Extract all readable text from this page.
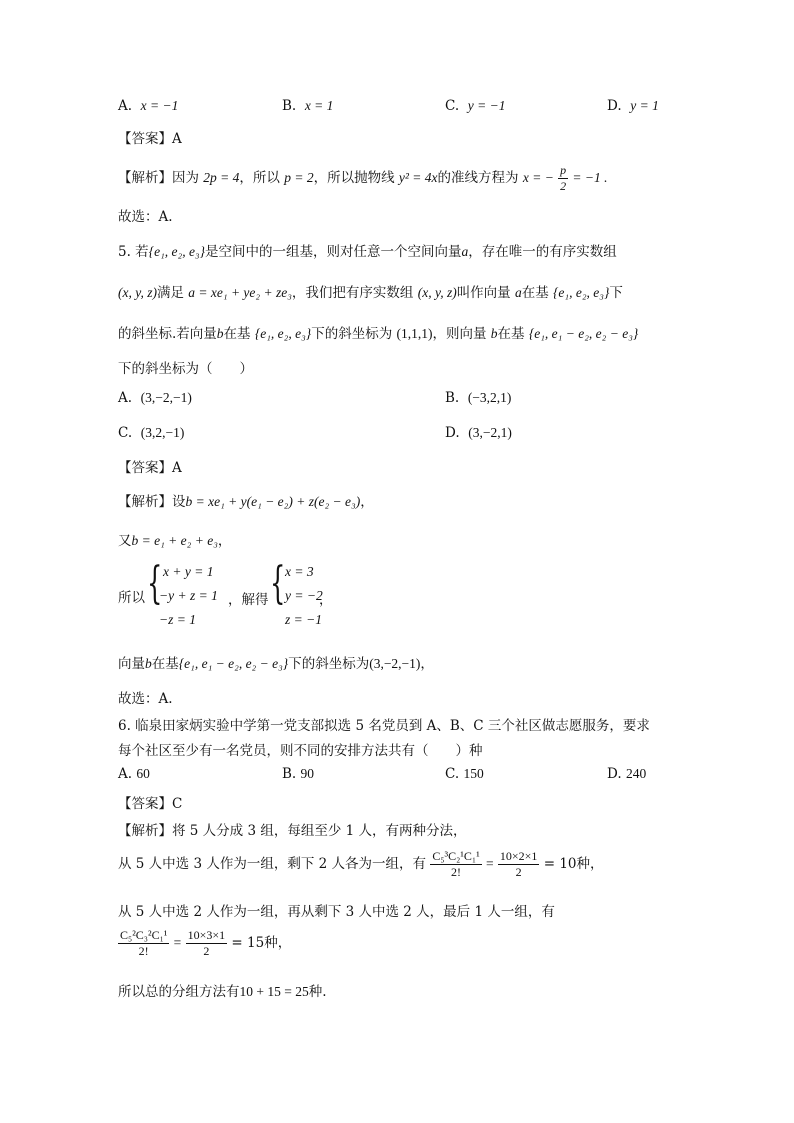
A. x = −1	B. x = 1	C. y = −1	D. y = 1
【答案】A
【解析】因为 2p = 4，所以 p = 2，所以抛物线 y² = 4x的准线方程为 x = − $\frac{p}{2} = -1$ .
故选：A.
5. 若{e₁, e₂, e₃}是空间中的一组基，则对任意一个空间向量a，存在唯一的有序实数组
(x, y, z)满足 a = xe₁ + ye₂ + ze₃，我们把有序实数组 (x, y, z)叫作向量 a在基 {e₁, e₂, e₃}下
的斜坐标.若向量b在基 {e₁, e₂, e₃}下的斜坐标为 (1,1,1)，则向量 b在基 {e₁, e₁ − e₂, e₂ − e₃}
下的斜坐标为（　　）
A. (3,−2,−1)	B. (−3,2,1)
C. (3,2,−1)	D. (3,−2,1)
【答案】A
【解析】设b = xe₁ + y(e₁ − e₂) + z(e₂ − e₃)，
又b = e₁ + e₂ + e₃，
所以 { x + y = 1
−y + z = 1
−z = 1
，解得 { x = 3
y = −2
z = −1
，
向量b在基{e₁, e₁ − e₂, e₂ − e₃}下的斜坐标为(3,−2,−1)，
故选：A.
6. 临泉田家炳实验中学第一党支部拟选 5 名党员到 A、B、C 三个社区做志愿服务，要求
每个社区至少有一名党员，则不同的安排方法共有（　　）种
A. 60	B. 90	C. 150	D. 240
【答案】C
【解析】将 5 人分成 3 组，每组至少 1 人，有两种分法，
从 5 人中选 3 人作为一组，剩下 2 人各为一组，有 $\frac{\text{C₅³C₂¹C₁¹}}{2!} = \frac{10\times 2\times 1}{2} = 10$种，
从 5 人中选 2 人作为一组，再从剩下 3 人中选 2 人，最后 1 人一组，有
$\frac{\text{C₅²C₃²C₁¹}}{2!} = \frac{10\times 3\times 1}{2} = 15$种，
所以总的分组方法有10 + 15 = 25种.
